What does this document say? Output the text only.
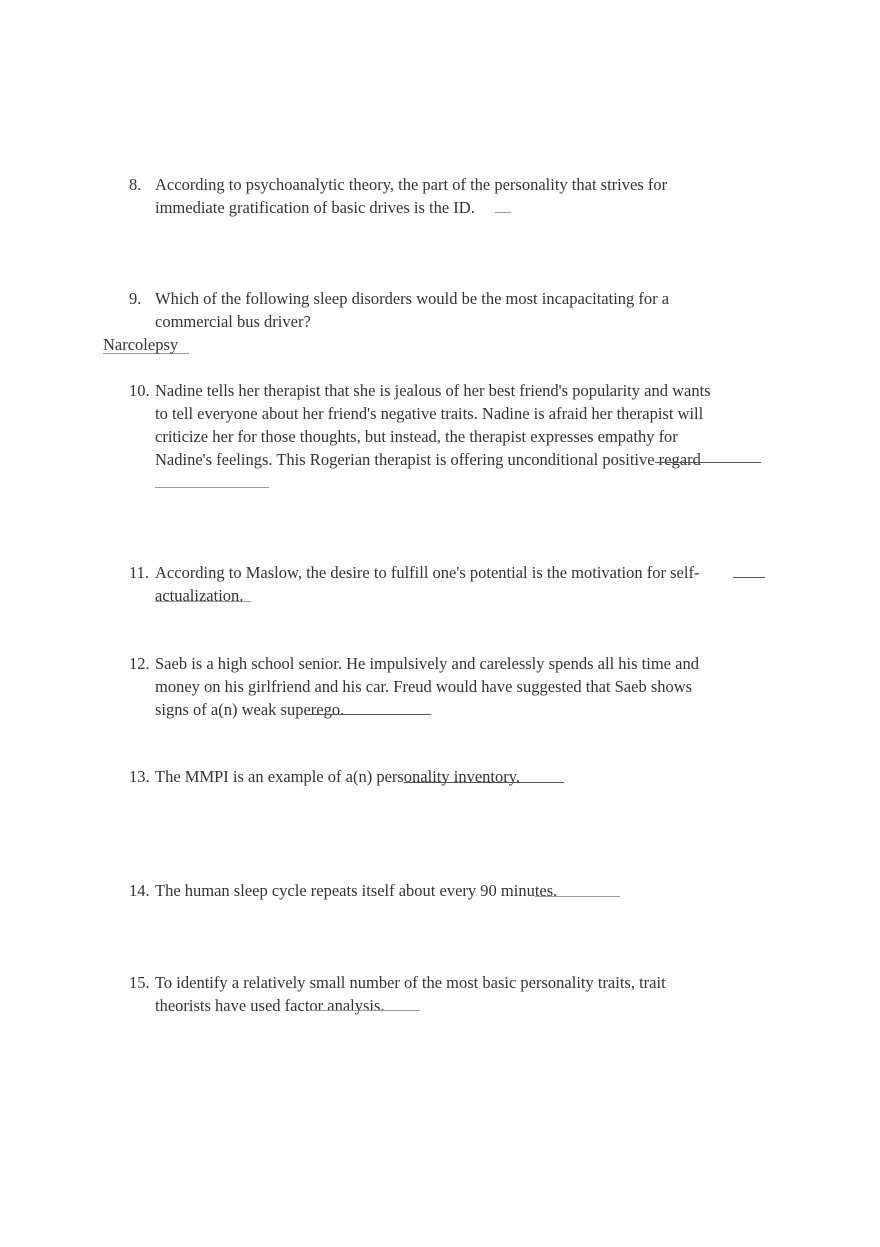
8. According to psychoanalytic theory, the part of the personality that strives for immediate gratification of basic drives is the ID.
9. Which of the following sleep disorders would be the most incapacitating for a commercial bus driver?
Narcolepsy
10. Nadine tells her therapist that she is jealous of her best friend's popularity and wants to tell everyone about her friend's negative traits. Nadine is afraid her therapist will criticize her for those thoughts, but instead, the therapist expresses empathy for Nadine's feelings. This Rogerian therapist is offering unconditional positive regard
11. According to Maslow, the desire to fulfill one's potential is the motivation for self-actualization.
12. Saeb is a high school senior. He impulsively and carelessly spends all his time and money on his girlfriend and his car. Freud would have suggested that Saeb shows signs of a(n) weak superego.
13. The MMPI is an example of a(n) personality inventory.
14. The human sleep cycle repeats itself about every 90 minutes.
15. To identify a relatively small number of the most basic personality traits, trait theorists have used factor analysis.
